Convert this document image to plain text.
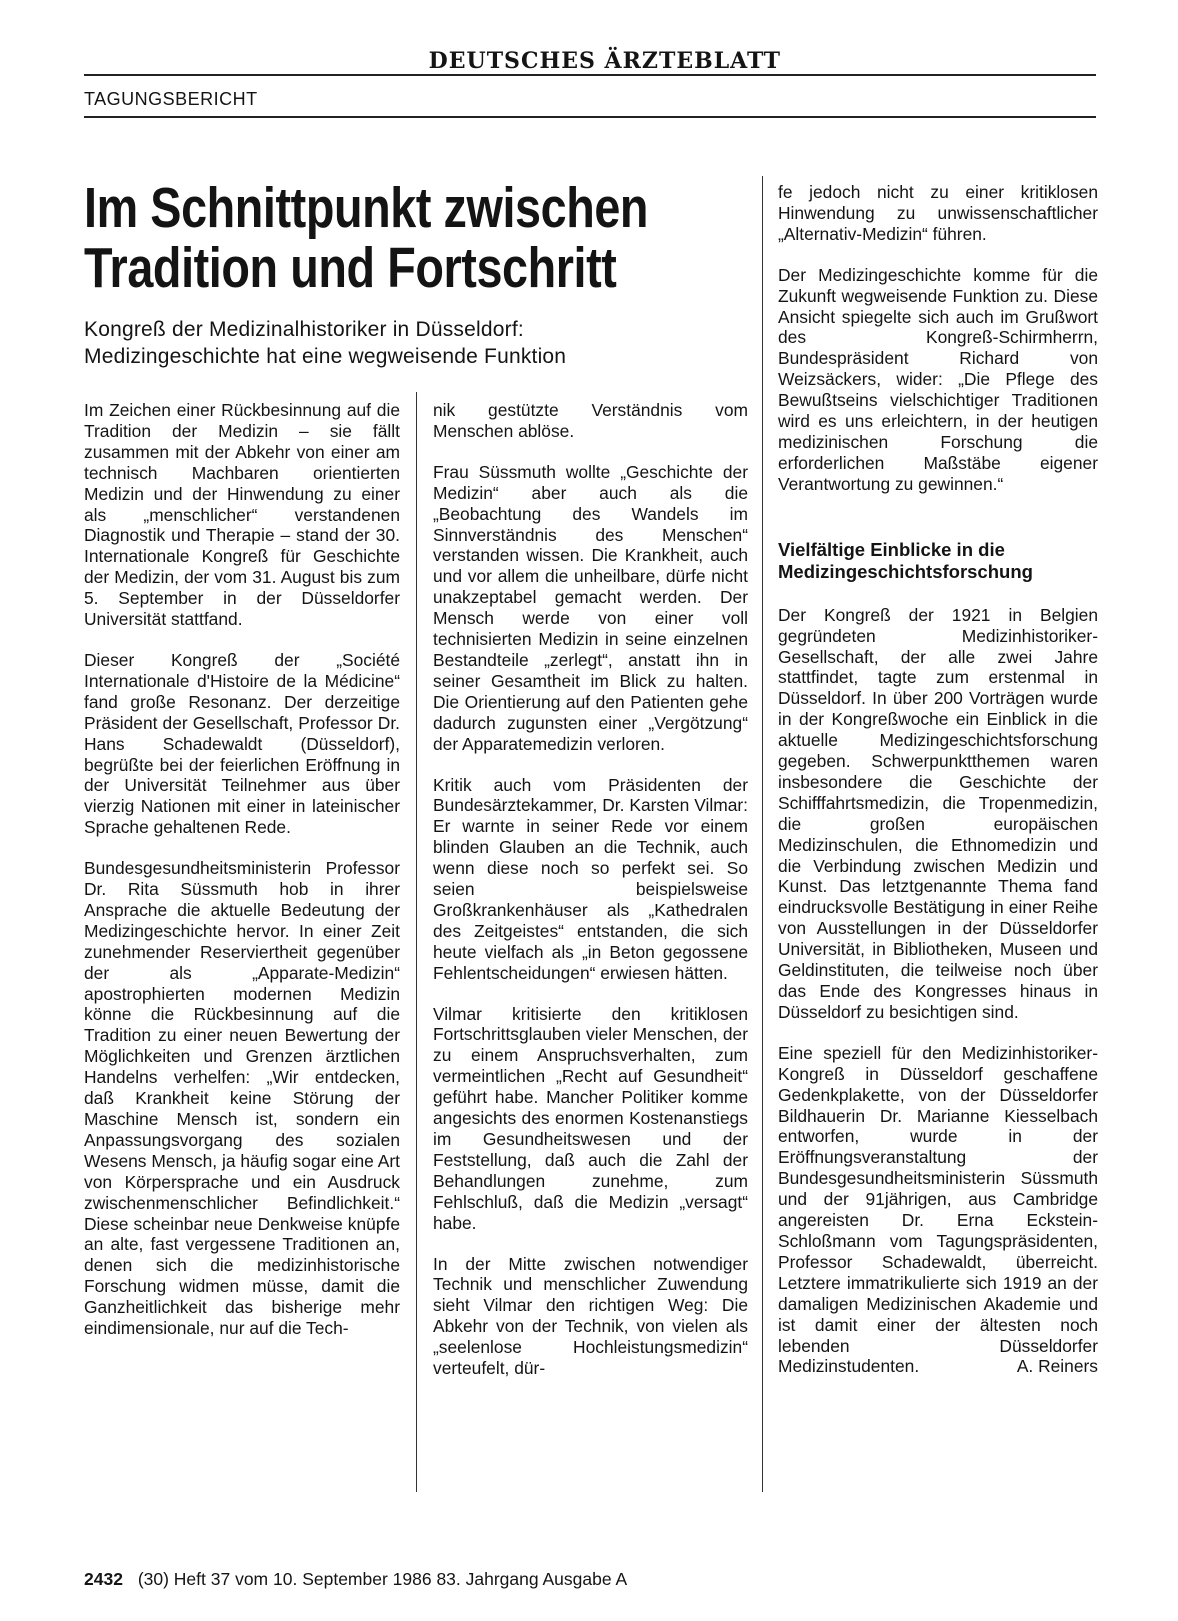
DEUTSCHES ÄRZTEBLATT
TAGUNGSBERICHT
Im Schnittpunkt zwischen
Tradition und Fortschritt
Kongreß der Medizinalhistoriker in Düsseldorf:
Medizingeschichte hat eine wegweisende Funktion

Im Zeichen einer Rückbesinnung auf die Tradition der Medizin – sie fällt zusammen mit der Abkehr von einer am technisch Machbaren orientierten Medizin und der Hinwendung zu einer als „menschlicher“ verstandenen Diagnostik und Therapie – stand der 30. Internationale Kongreß für Geschichte der Medizin, der vom 31. August bis zum 5. September in der Düsseldorfer Universität stattfand.

Dieser Kongreß der „Société Internationale d'Histoire de la Médicine“ fand große Resonanz. Der derzeitige Präsident der Gesellschaft, Professor Dr. Hans Schadewaldt (Düsseldorf), begrüßte bei der feierlichen Eröffnung in der Universität Teilnehmer aus über vierzig Nationen mit einer in lateinischer Sprache gehaltenen Rede.

Bundesgesundheitsministerin Professor Dr. Rita Süssmuth hob in ihrer Ansprache die aktuelle Bedeutung der Medizingeschichte hervor. In einer Zeit zunehmender Reserviertheit gegenüber der als „Apparate-Medizin“ apostrophierten modernen Medizin könne die Rückbesinnung auf die Tradition zu einer neuen Bewertung der Möglichkeiten und Grenzen ärztlichen Handelns verhelfen: „Wir entdecken, daß Krankheit keine Störung der Maschine Mensch ist, sondern ein Anpassungsvorgang des sozialen Wesens Mensch, ja häufig sogar eine Art von Körpersprache und ein Ausdruck zwischenmenschlicher Befindlichkeit.“ Diese scheinbar neue Denkweise knüpfe an alte, fast vergessene Traditionen an, denen sich die medizinhistorische Forschung widmen müsse, damit die Ganzheitlichkeit das bisherige mehr eindimensionale, nur auf die Tech-

nik gestützte Verständnis vom Menschen ablöse.

Frau Süssmuth wollte „Geschichte der Medizin“ aber auch als die „Beobachtung des Wandels im Sinnverständnis des Menschen“ verstanden wissen. Die Krankheit, auch und vor allem die unheilbare, dürfe nicht unakzeptabel gemacht werden. Der Mensch werde von einer voll technisierten Medizin in seine einzelnen Bestandteile „zerlegt“, anstatt ihn in seiner Gesamtheit im Blick zu halten. Die Orientierung auf den Patienten gehe dadurch zugunsten einer „Vergötzung“ der Apparatemedizin verloren.

Kritik auch vom Präsidenten der Bundesärztekammer, Dr. Karsten Vilmar: Er warnte in seiner Rede vor einem blinden Glauben an die Technik, auch wenn diese noch so perfekt sei. So seien beispielsweise Großkrankenhäuser als „Kathedralen des Zeitgeistes“ entstanden, die sich heute vielfach als „in Beton gegossene Fehlentscheidungen“ erwiesen hätten.

Vilmar kritisierte den kritiklosen Fortschrittsglauben vieler Menschen, der zu einem Anspruchsverhalten, zum vermeintlichen „Recht auf Gesundheit“ geführt habe. Mancher Politiker komme angesichts des enormen Kostenanstiegs im Gesundheitswesen und der Feststellung, daß auch die Zahl der Behandlungen zunehme, zum Fehlschluß, daß die Medizin „versagt“ habe.

In der Mitte zwischen notwendiger Technik und menschlicher Zuwendung sieht Vilmar den richtigen Weg: Die Abkehr von der Technik, von vielen als „seelenlose Hochleistungsmedizin“ verteufelt, dür-

fe jedoch nicht zu einer kritiklosen Hinwendung zu unwissenschaftlicher „Alternativ-Medizin“ führen.

Der Medizingeschichte komme für die Zukunft wegweisende Funktion zu. Diese Ansicht spiegelte sich auch im Grußwort des Kongreß-Schirmherrn, Bundespräsident Richard von Weizsäckers, wider: „Die Pflege des Bewußtseins vielschichtiger Traditionen wird es uns erleichtern, in der heutigen medizinischen Forschung die erforderlichen Maßstäbe eigener Verantwortung zu gewinnen.“

Vielfältige Einblicke in die Medizingeschichtsforschung

Der Kongreß der 1921 in Belgien gegründeten Medizinhistoriker-Gesellschaft, der alle zwei Jahre stattfindet, tagte zum erstenmal in Düsseldorf. In über 200 Vorträgen wurde in der Kongreßwoche ein Einblick in die aktuelle Medizingeschichtsforschung gegeben. Schwerpunktthemen waren insbesondere die Geschichte der Schifffahrtsmedizin, die Tropenmedizin, die großen europäischen Medizinschulen, die Ethnomedizin und die Verbindung zwischen Medizin und Kunst. Das letztgenannte Thema fand eindrucksvolle Bestätigung in einer Reihe von Ausstellungen in der Düsseldorfer Universität, in Bibliotheken, Museen und Geldinstituten, die teilweise noch über das Ende des Kongresses hinaus in Düsseldorf zu besichtigen sind.

Eine speziell für den Medizinhistoriker-Kongreß in Düsseldorf geschaffene Gedenkplakette, von der Düsseldorfer Bildhauerin Dr. Marianne Kiesselbach entworfen, wurde in der Eröffnungsveranstaltung der Bundesgesundheitsministerin Süssmuth und der 91jährigen, aus Cambridge angereisten Dr. Erna Eckstein-Schloßmann vom Tagungspräsidenten, Professor Schadewaldt, überreicht. Letztere immatrikulierte sich 1919 an der damaligen Medizinischen Akademie und ist damit einer der ältesten noch lebenden Düsseldorfer Medizinstudenten.	A. Reiners

2432 (30) Heft 37 vom 10. September 1986 83. Jahrgang Ausgabe A
